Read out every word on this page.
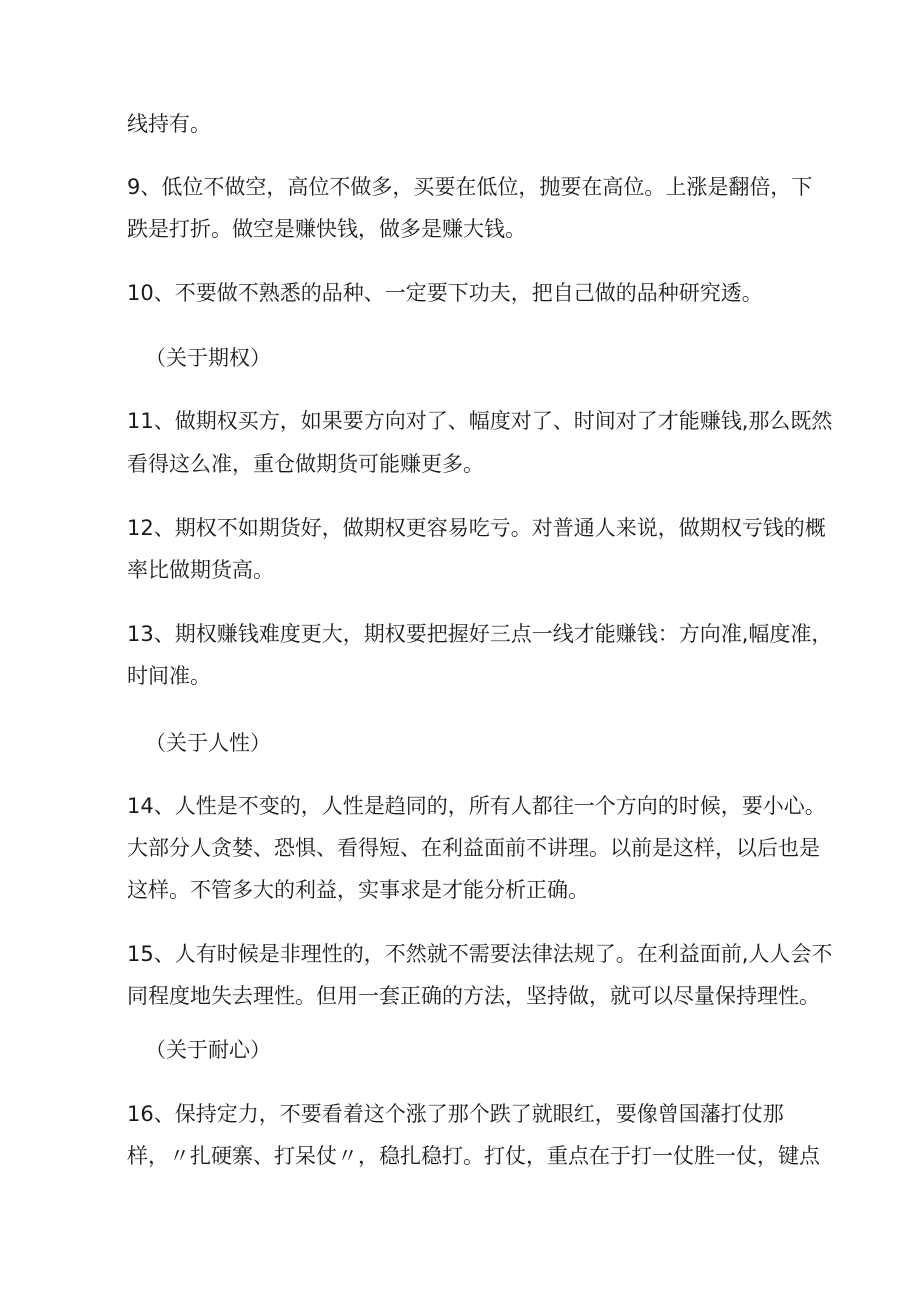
线持有。
9、低位不做空，高位不做多，买要在低位，抛要在高位。上涨是翻倍，下
跌是打折。做空是赚快钱，做多是赚大钱。
10、不要做不熟悉的品种、一定要下功夫，把自己做的品种研究透。
（关于期权）
11、做期权买方，如果要方向对了、幅度对了、时间对了才能赚钱,那么既然
看得这么准，重仓做期货可能赚更多。
12、期权不如期货好，做期权更容易吃亏。对普通人来说，做期权亏钱的概
率比做期货高。
13、期权赚钱难度更大，期权要把握好三点一线才能赚钱：方向准,幅度准，
时间准。
（关于人性）
14、人性是不变的，人性是趋同的，所有人都往一个方向的时候，要小心。
大部分人贪婪、恐惧、看得短、在利益面前不讲理。以前是这样，以后也是
这样。不管多大的利益，实事求是才能分析正确。
15、人有时候是非理性的，不然就不需要法律法规了。在利益面前,人人会不
同程度地失去理性。但用一套正确的方法，坚持做，就可以尽量保持理性。
（关于耐心）
16、保持定力，不要看着这个涨了那个跌了就眼红，要像曾国藩打仗那
样，〃扎硬寨、打呆仗〃，稳扎稳打。打仗，重点在于打一仗胜一仗，键点
